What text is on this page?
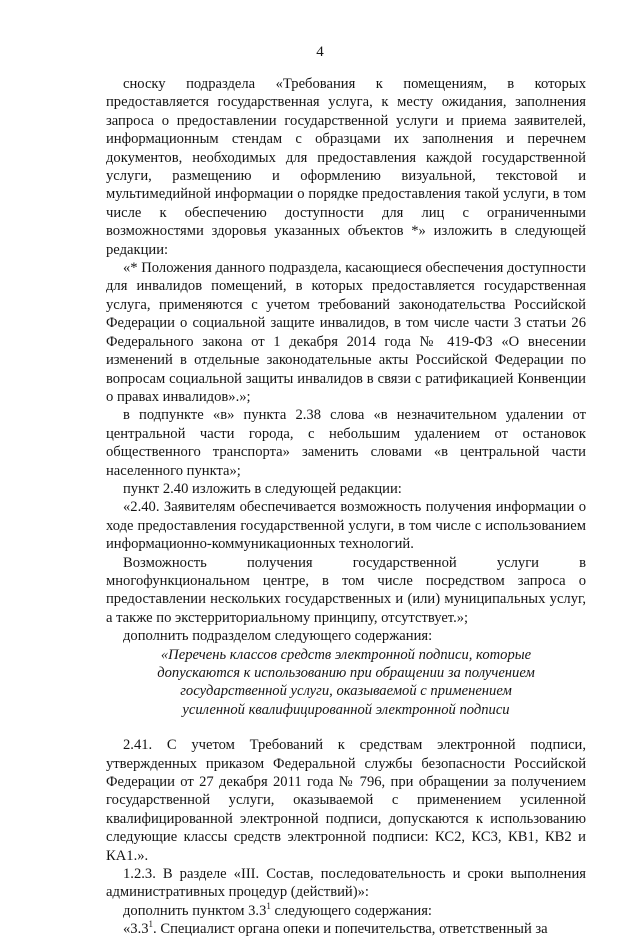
4

сноску подраздела «Требования к помещениям, в которых предоставляется государственная услуга, к месту ожидания, заполнения запроса о предоставлении государственной услуги и приема заявителей, информационным стендам с образцами их заполнения и перечнем документов, необходимых для предоставления каждой государственной услуги, размещению и оформлению визуальной, текстовой и мультимедийной информации о порядке предоставления такой услуги, в том числе к обеспечению доступности для лиц с ограниченными возможностями здоровья указанных объектов *» изложить в следующей редакции:

«* Положения данного подраздела, касающиеся обеспечения доступности для инвалидов помещений, в которых предоставляется государственная услуга, применяются с учетом требований законодательства Российской Федерации о социальной защите инвалидов, в том числе части 3 статьи 26 Федерального закона от 1 декабря 2014 года № 419-ФЗ «О внесении изменений в отдельные законодательные акты Российской Федерации по вопросам социальной защиты инвалидов в связи с ратификацией Конвенции о правах инвалидов».»;

в подпункте «в» пункта 2.38 слова «в незначительном удалении от центральной части города, с небольшим удалением от остановок общественного транспорта» заменить словами «в центральной части населенного пункта»;

пункт 2.40 изложить в следующей редакции:

«2.40. Заявителям обеспечивается возможность получения информации о ходе предоставления государственной услуги, в том числе с использованием информационно-коммуникационных технологий.

Возможность получения государственной услуги в многофункциональном центре, в том числе посредством запроса о предоставлении нескольких государственных и (или) муниципальных услуг, а также по экстерриториальному принципу, отсутствует.»;

дополнить подразделом следующего содержания:

«Перечень классов средств электронной подписи, которые

допускаются к использованию при обращении за получением

государственной услуги, оказываемой с применением

усиленной квалифицированной электронной подписи

2.41. С учетом Требований к средствам электронной подписи, утвержденных приказом Федеральной службы безопасности Российской Федерации от 27 декабря 2011 года № 796, при обращении за получением государственной услуги, оказываемой с применением усиленной квалифицированной электронной подписи, допускаются к использованию следующие классы средств электронной подписи: КС2, КС3, КВ1, КВ2 и КА1.».

1.2.3. В разделе «III. Состав, последовательность и сроки выполнения административных процедур (действий)»:

дополнить пунктом $3.3^1$ следующего содержания:

«$3.3^1$. Специалист органа опеки и попечительства, ответственный за
